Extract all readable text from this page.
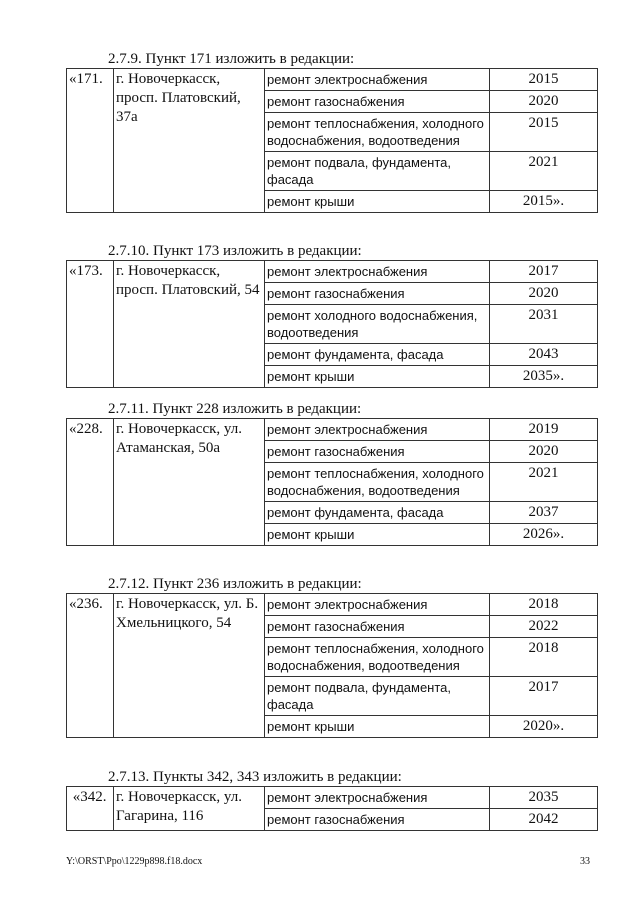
2.7.9. Пункт 171 изложить в редакции:
«171.	г. Новочеркасск, просп. Платовский, 37а	ремонт электроснабжения	2015
		ремонт газоснабжения	2020
		ремонт теплоснабжения, холодного водоснабжения, водоотведения	2015
		ремонт подвала, фундамента, фасада	2021
		ремонт крыши	2015».
2.7.10. Пункт 173 изложить в редакции:
«173.	г. Новочеркасск, просп. Платовский, 54	ремонт электроснабжения	2017
		ремонт газоснабжения	2020
		ремонт холодного водоснабжения, водоотведения	2031
		ремонт фундамента, фасада	2043
		ремонт крыши	2035».
2.7.11. Пункт 228 изложить в редакции:
«228.	г. Новочеркасск, ул. Атаманская, 50а	ремонт электроснабжения	2019
		ремонт газоснабжения	2020
		ремонт теплоснабжения, холодного водоснабжения, водоотведения	2021
		ремонт фундамента, фасада	2037
		ремонт крыши	2026».
2.7.12. Пункт 236 изложить в редакции:
«236.	г. Новочеркасск, ул. Б. Хмельницкого, 54	ремонт электроснабжения	2018
		ремонт газоснабжения	2022
		ремонт теплоснабжения, холодного водоснабжения, водоотведения	2018
		ремонт подвала, фундамента, фасада	2017
		ремонт крыши	2020».
2.7.13. Пункты 342, 343 изложить в редакции:
«342.	г. Новочеркасск, ул. Гагарина, 116	ремонт электроснабжения	2035
		ремонт газоснабжения	2042
Y:\ORST\Ppo\1229p898.f18.docx	33
